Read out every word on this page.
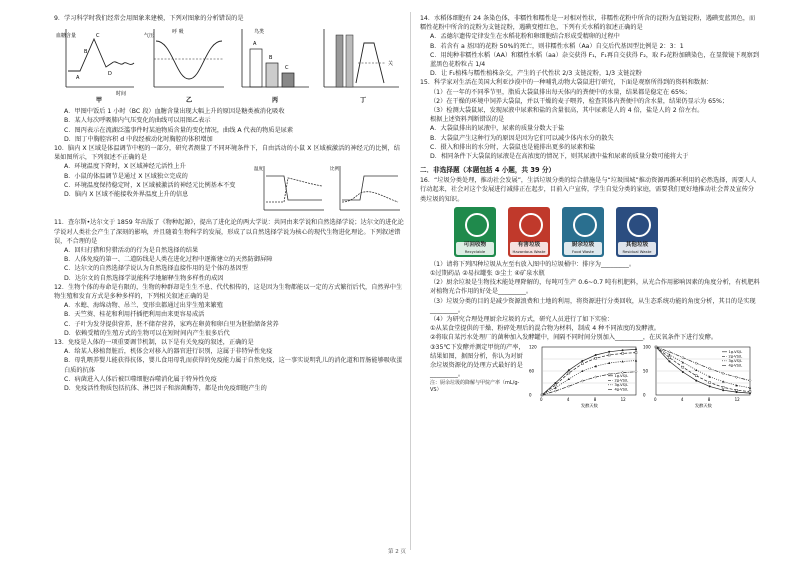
9．学习科学时我们经常会用图象来建模，下列对图象的分析错误的是

血糖含量
A
B
C
D
时间
甲
气压
呼 吸
乙
鸟类
A
B
C
丙
关
丁

A．甲图中饭后 1 小时（BC 段）血糖含量出现大幅上升的原因是糖类被消化吸收

B．某人每次呼吸肺内气压变化的曲线可以用图乙表示

C．图丙表示在流湖泛滥事件时某池物质含量的变化情况，曲线 A 代表的物质是尿素

D．图丁中胸腔容积 d 中段经被动化时胸腔的体积增加

10．脑内 X 区域是体温调节中枢的一部分，研究者测量了不同环境条件下，自由活动的小鼠 X 区域被激活的神经元的比例，结果如图所示，下列叙述不正确的是

A．环境温度下降时，X 区域神经元活性上升

B．小鼠的体温调节是通过 X 区域独立完成的

C．环境温度保持稳定时，X 区域被激活的神经元比例基本不变

D．脑内 X 区域不能接收外界温度上升的信息

温度	比例

11．查尔斯•达尔文于 1859 年出版了《物种起源》，提出了进化论的两大学说：共同由来学说和自然选择学说；达尔文的进化论学说对人类社会产生了深刻的影响，并且随着生物科学的发展，形成了以自然选择学说为核心的现代生物进化理论。下列叙述错误，不合理的是

A．回归打猎和狩猎活动的行为是自然选择的结果

B．人体免疫的第一、二道防线是人类在进化过程中逐渐建立的天然防御屏障

C．达尔文的自然选择学说认为自然选择直接作用的是个体的基因型

D．达尔文的自然选择学说能科学地解释生物多样性的成因

12．生物个体的寿命是有限的，生物的种群却是生生不息、代代相传的，这是因为生物都能以一定的方式繁衍后代，自然界中生物生殖和发育方式是多种多样的，下列相关叙述正确的是

A．水螅、海绵动物、吊兰、变形虫都通过出芽生殖来繁殖

B．天竺葵、桂花和利用扦插把利用由来更容易成活

C．子叶为发芽提供营养，胚不储存营养，家鸡在卵黄和卵白里为胚胎储备营养

D．依赖受精的生殖方式的生物可以在短时间内产生很多后代

13．免疫是人体的一项重要调节机制，以下是有关免疫的叙述，正确的是

A．给某人移植肾脏后，机体会对移入的器官进行识别，这属于非特异性免疫

B．母乳喂养婴儿能获得抗体，婴儿食用母乳而获得的免疫能力属于自然免疫，这一事实说明乳儿的消化道和胃肠能够吸收蛋白质的抗体

C．病菌进入人体后被巨噬细胞吞噬消化属于特异性免疫

D．免疫活性物质包括抗体、淋巴因子和溶菌酶等，都是由免疫细胞产生的

14．水稻体细胞有 24 条染色体，非糯性和糯性是一对相对性状，非糯性花粉中所含的淀粉为直链淀粉，遇碘变蓝黑色，而糯性花粉中所含的淀粉为支链淀粉，遇碘变橙红色，下列有关水稻的叙述正确的是

A．孟德尔遗传定律发生在水稻花粉和卵细胞结合形成受精卵的过程中

B．若含有 a 基因的花粉 50%的死亡，则非糯性水稻（Aa）自交后代基因型比例是 2：3：1

C．用纯种非糯性水稻（AA）和糯性水稻（aa）杂交获得 F₁，F₁再自交获得 F₂，取 F₂花粉加碘染色，在显微镜下观察到蓝黑色花粉粒占 1/4

D．让 F₁植株与糯性植株杂交，产生的子代性状 2/3 支链淀粉，1/3 支链淀粉

15．科学家对生活在美国大利亚沙漠中的一种哺乳动物大袋鼠进行研究，下面是观察所得到的资料和数据：

（1）在一年的不同季节里，脂质大袋鼠排出每天体内的粪便中的水量，结果都是稳定在 65%；

（2）在干燥的环境中饲养大袋鼠，并以干燥的麦子喂养，检查其体内粪便中的含水量，结果仍显示为 65%；

（3）检测大袋鼠尿，发现尿液中尿素和盐的含量很高，其中尿素是人的 4 倍，盐是人的 2 倍左右。

根据上述资料判断错误的是

A．大袋鼠排出的尿液中，尿素的质量分数大于盐

B．大袋鼠产生这种行为的原因是因为它们可以减少体内水分的散失

C．摄入和排出的水分时，大袋鼠也是能排出更多的尿素和盐

D．相同条件下大袋鼠的尿液是在高浓度的情况下，则其尿液中盐和尿素的质量分数可能将大于

二．非选择题（本题包括 4 小题，共 39 分）

16．“垃圾分类处理，推动社会发展”，生活垃圾分类的综合措施是与“垃圾围城”推动资源再循环利用的必然选择，需要人人行动起来，社会对这个发展进行减排正在起步，目前入户宣传，学生自觉分类的家庭，需要我们更好地推动社会普及宣传分类垃圾的知识。

可回收物
Recyclable
有害垃圾
Hazardous Waste
厨余垃圾
Food Waste
其他垃圾
Residual Waste

（1）请将下列四种垃圾从左至右放入图中的垃圾桶中：排序为_________。

①过期药品 ②易拉罐张 ③尘土 ④矿泉水瓶

（2）厨余垃圾是生物技术能处理降解的，每吨可生产 0.6~0.7 吨有机肥料，从光合作用影响因素的角度分析，有机肥料对植物光合作用的好处是_________。

（3）垃圾分类的目的是减少资源浪费和土地的利用，将资源进行分类回收，从生态系统功能的角度分析，其目的是实现_________。

（4）为研究合理处理厨余垃圾的方式，研究人员进行了如下实验：

①从某食堂提供的干燥、粉碎处理后的混合物为材料，制成 4 种不同浓度的发酵液。

②将取自某污水处理厂的菌种加入发酵罐中，间隔不同时间分别加入_________，在厌氧条件下进行发酵。

③35℃下发酵并测定甲烷的产率，结果如图，据图分析，你认为对厨余垃圾资源化的处理方式最好的是_________。

注：厨余垃圾的降解与甲烷产率（mL/g-VS）

0	4	8	12
0
60
120
发酵天数
1g-VS/L
2g-VS/L
3g-VS/L
4g-VS/L
0	4	8	12
0
50
100
发酵天数
1g-VS/L
2g-VS/L
3g-VS/L
4g-VS/L
第 2 页
